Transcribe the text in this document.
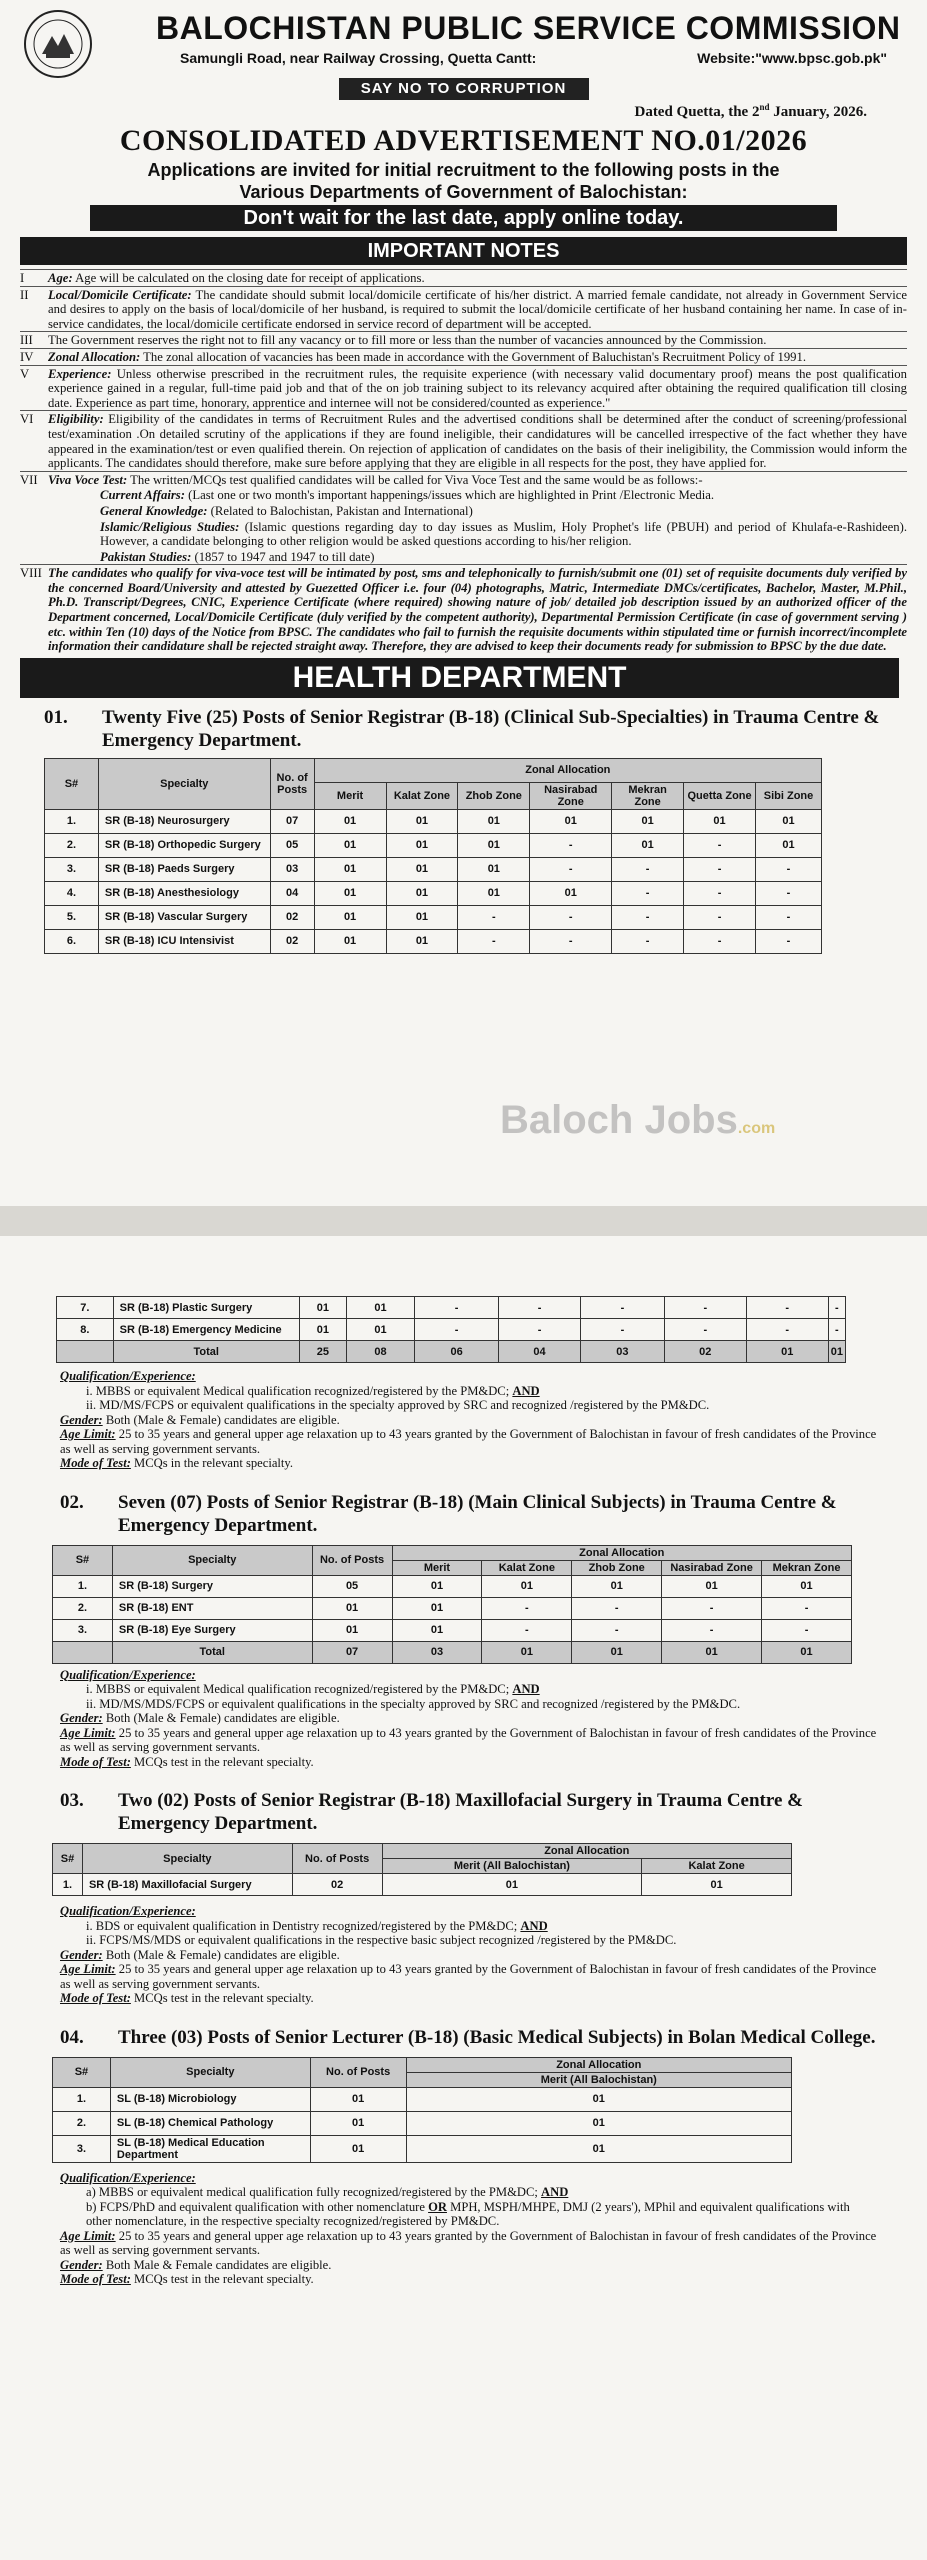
BALOCHISTAN PUBLIC SERVICE COMMISSION
Samungli Road, near Railway Crossing, Quetta Cantt:	Website:"www.bpsc.gob.pk"
SAY NO TO CORRUPTION
Dated Quetta, the 2nd January, 2026.
CONSOLIDATED ADVERTISEMENT NO.01/2026
Applications are invited for initial recruitment to the following posts in the
Various Departments of Government of Balochistan:
Don't wait for the last date, apply online today.
IMPORTANT NOTES
I	Age: Age will be calculated on the closing date for receipt of applications.
II	Local/Domicile Certificate: The candidate should submit local/domicile certificate of his/her district. A married female candidate, not already in Government Service and desires to apply on the basis of local/domicile of her husband, is required to submit the local/domicile certificate of her husband containing her name. In case of in-service candidates, the local/domicile certificate endorsed in service record of department will be accepted.
III	The Government reserves the right not to fill any vacancy or to fill more or less than the number of vacancies announced by the Commission.
IV	Zonal Allocation: The zonal allocation of vacancies has been made in accordance with the Government of Baluchistan's Recruitment Policy of 1991.
V	Experience: Unless otherwise prescribed in the recruitment rules, the requisite experience (with necessary valid documentary proof) means the post qualification experience gained in a regular, full-time paid job and that of the on job training subject to its relevancy acquired after obtaining the required qualification till closing date. Experience as part time, honorary, apprentice and internee will not be considered/counted as experience."
VI	Eligibility: Eligibility of the candidates in terms of Recruitment Rules and the advertised conditions shall be determined after the conduct of screening/professional test/examination .On detailed scrutiny of the applications if they are found ineligible, their candidatures will be cancelled irrespective of the fact whether they have appeared in the examination/test or even qualified therein. On rejection of application of candidates on the basis of their ineligibility, the Commission would inform the applicants. The candidates should therefore, make sure before applying that they are eligible in all respects for the post, they have applied for.
VII Viva Voce Test: The written/MCQs test qualified candidates will be called for Viva Voce Test and the same would be as follows:-
Current Affairs: (Last one or two month's important happenings/issues which are highlighted in Print /Electronic Media.
General Knowledge: (Related to Balochistan, Pakistan and International)
Islamic/Religious Studies: (Islamic questions regarding day to day issues as Muslim, Holy Prophet's life (PBUH) and period of Khulafa-e-Rashideen). However, a candidate belonging to other religion would be asked questions according to his/her religion.
Pakistan Studies: (1857 to 1947 and 1947 to till date)
VIII The candidates who qualify for viva-voce test will be intimated by post, sms and telephonically to furnish/submit one (01) set of requisite documents duly verified by the concerned Board/University and attested by Guezetted Officer i.e. four (04) photographs, Matric, Intermediate DMCs/certificates, Bachelor, Master, M.Phil., Ph.D. Transcript/Degrees, CNIC, Experience Certificate (where required) showing nature of job/ detailed job description issued by an authorized officer of the Department concerned, Local/Domicile Certificate (duly verified by the competent authority), Departmental Permission Certificate (in case of government serving ) etc. within Ten (10) days of the Notice from BPSC. The candidates who fail to furnish the requisite documents within stipulated time or furnish incorrect/incomplete information their candidature shall be rejected straight away. Therefore, they are advised to keep their documents ready for submission to BPSC by the due date.
HEALTH DEPARTMENT
01.	Twenty Five (25) Posts of Senior Registrar (B-18) (Clinical Sub-Specialties) in Trauma Centre & Emergency Department.
S#	Specialty	No. of Posts	Zonal Allocation						
			Merit	Kalat Zone	Zhob Zone	Nasirabad Zone	Mekran Zone	Quetta Zone	Sibi Zone
1.	SR (B-18) Neurosurgery	07	01	01	01	01	01	01	01
2.	SR (B-18) Orthopedic Surgery	05	01	01	01	-	01	-	01
3.	SR (B-18) Paeds Surgery	03	01	01	01	-	-	-	-
4.	SR (B-18) Anesthesiology	04	01	01	01	01	-	-	-
5.	SR (B-18) Vascular Surgery	02	01	01	-	-	-	-	-
6.	SR (B-18) ICU Intensivist	02	01	01	-	-	-	-	-
Baloch Jobs.com
7.	SR (B-18) Plastic Surgery	01	01	-	-	-	-	-	-
8.	SR (B-18) Emergency Medicine	01	01	-	-	-	-	-	-
	Total	25	08	06	04	03	02	01	01
Qualification/Experience:
i. MBBS or equivalent Medical qualification recognized/registered by the PM&DC; AND
ii. MD/MS/FCPS or equivalent qualifications in the specialty approved by SRC and recognized /registered by the PM&DC.
Gender: Both (Male & Female) candidates are eligible.
Age Limit: 25 to 35 years and general upper age relaxation up to 43 years granted by the Government of Balochistan in favour of fresh candidates of the Province as well as serving government servants.
Mode of Test: MCQs in the relevant specialty.
02.	Seven (07) Posts of Senior Registrar (B-18) (Main Clinical Subjects) in Trauma Centre & Emergency Department.
S#	Specialty	No. of Posts	Zonal Allocation				
			Merit	Kalat Zone	Zhob Zone	Nasirabad Zone	Mekran Zone
1.	SR (B-18) Surgery	05	01	01	01	01	01
2.	SR (B-18) ENT	01	01	-	-	-	-
3.	SR (B-18) Eye Surgery	01	01	-	-	-	-
	Total	07	03	01	01	01	01
Qualification/Experience:
i. MBBS or equivalent Medical qualification recognized/registered by the PM&DC; AND
ii. MD/MS/MDS/FCPS or equivalent qualifications in the specialty approved by SRC and recognized /registered by the PM&DC.
Gender: Both (Male & Female) candidates are eligible.
Age Limit: 25 to 35 years and general upper age relaxation up to 43 years granted by the Government of Balochistan in favour of fresh candidates of the Province as well as serving government servants.
Mode of Test: MCQs test in the relevant specialty.
03.	Two (02) Posts of Senior Registrar (B-18) Maxillofacial Surgery in Trauma Centre & Emergency Department.
S#	Specialty	No. of Posts	Zonal Allocation	
			Merit (All Balochistan)	Kalat Zone
1.	SR (B-18) Maxillofacial Surgery	02	01	01
Qualification/Experience:
i. BDS or equivalent qualification in Dentistry recognized/registered by the PM&DC; AND
ii. FCPS/MS/MDS or equivalent qualifications in the respective basic subject recognized /registered by the PM&DC.
Gender: Both (Male & Female) candidates are eligible.
Age Limit: 25 to 35 years and general upper age relaxation up to 43 years granted by the Government of Balochistan in favour of fresh candidates of the Province as well as serving government servants.
Mode of Test: MCQs test in the relevant specialty.
04.	Three (03) Posts of Senior Lecturer (B-18) (Basic Medical Subjects) in Bolan Medical College.
S#	Specialty	No. of Posts	Zonal Allocation
			Merit (All Balochistan)
1.	SL (B-18) Microbiology	01	01
2.	SL (B-18) Chemical Pathology	01	01
3.	SL (B-18) Medical Education Department	01	01
Qualification/Experience:
a) MBBS or equivalent medical qualification fully recognized/registered by the PM&DC; AND
b) FCPS/PhD and equivalent qualification with other nomenclature OR MPH, MSPH/MHPE, DMJ (2 years'), MPhil and equivalent qualifications with other nomenclature, in the respective specialty recognized/registered by PM&DC.
Age Limit: 25 to 35 years and general upper age relaxation up to 43 years granted by the Government of Balochistan in favour of fresh candidates of the Province as well as serving government servants.
Gender: Both Male & Female candidates are eligible.
Mode of Test: MCQs test in the relevant specialty.
